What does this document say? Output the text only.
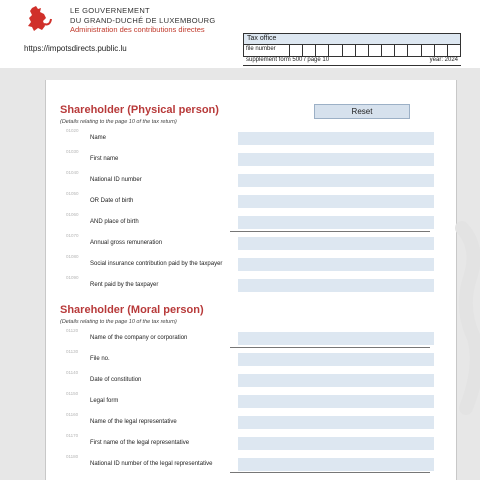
LE GOUVERNEMENT
DU GRAND-DUCHÉ DE LUXEMBOURG
Administration des contributions directes
https://impotsdirects.public.lu
Tax office
file number
supplement form 500 / page 10	year: 2024
Shareholder (Physical person)
(Details relating to the page 10 of the tax return)
Reset
01020
Name
01030
First name
01040
National ID number
01050
OR Date of birth
01060
AND place of birth
01070
Annual gross remuneration
01080
Social insurance contribution paid by the taxpayer
01090
Rent paid by the taxpayer
Shareholder (Moral person)
(Details relating to the page 10 of the tax return)
01120
Name of the company or corporation
01130
File no.
01140
Date of constitution
01150
Legal form
01160
Name of the legal representative
01170
First name of the legal representative
01180
National ID number of the legal representative
